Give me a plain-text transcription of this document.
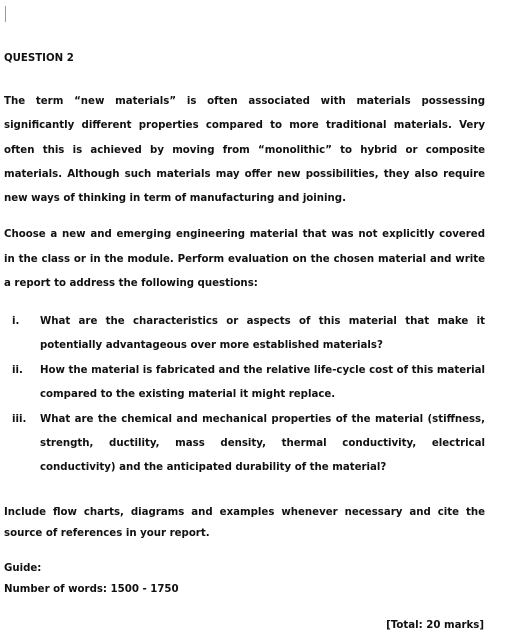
QUESTION 2
The term “new materials” is often associated with materials possessing significantly different properties compared to more traditional materials. Very often this is achieved by moving from “monolithic” to hybrid or composite materials. Although such materials may offer new possibilities, they also require new ways of thinking in term of manufacturing and joining.
Choose a new and emerging engineering material that was not explicitly covered in the class or in the module. Perform evaluation on the chosen material and write a report to address the following questions:
i.	What are the characteristics or aspects of this material that make it potentially advantageous over more established materials?
ii.	How the material is fabricated and the relative life-cycle cost of this material compared to the existing material it might replace.
iii.	What are the chemical and mechanical properties of the material (stiffness, strength, ductility, mass density, thermal conductivity, electrical conductivity) and the anticipated durability of the material?
Include flow charts, diagrams and examples whenever necessary and cite the source of references in your report.
Guide:
Number of words: 1500 - 1750
[Total: 20 marks]
